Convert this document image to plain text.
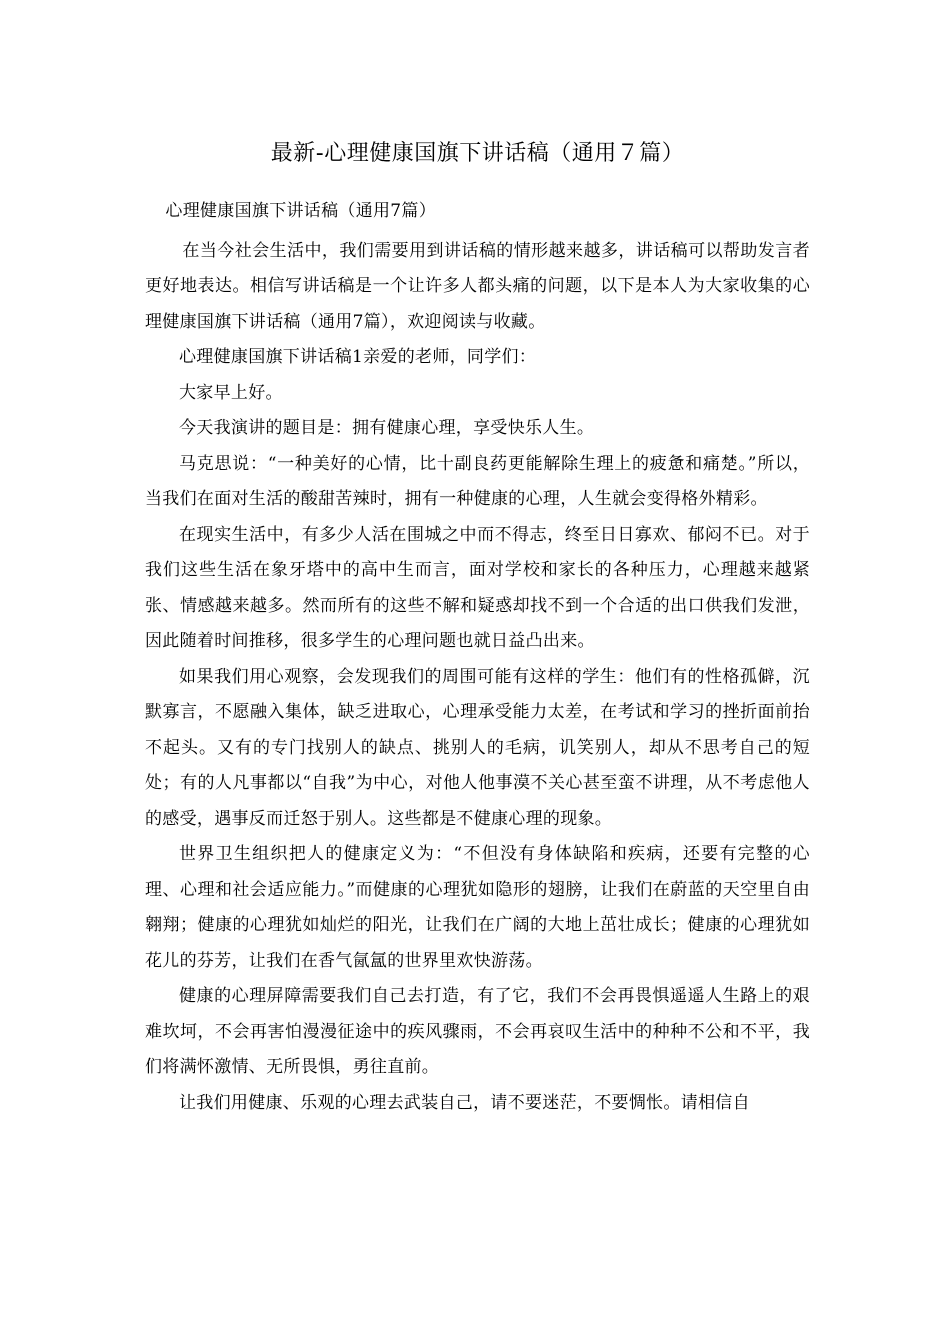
最新-心理健康国旗下讲话稿（通用７篇）

心理健康国旗下讲话稿（通用7篇）

在当今社会生活中，我们需要用到讲话稿的情形越来越多，讲话稿可以帮助发言者更好地表达。相信写讲话稿是一个让许多人都头痛的问题，以下是本人为大家收集的心理健康国旗下讲话稿（通用7篇），欢迎阅读与收藏。

心理健康国旗下讲话稿1亲爱的老师，同学们：

大家早上好。

今天我演讲的题目是：拥有健康心理，享受快乐人生。

马克思说：“一种美好的心情，比十副良药更能解除生理上的疲惫和痛楚。”所以，当我们在面对生活的酸甜苦辣时，拥有一种健康的心理，人生就会变得格外精彩。

在现实生活中，有多少人活在围城之中而不得志，终至日日寡欢、郁闷不已。对于我们这些生活在象牙塔中的高中生而言，面对学校和家长的各种压力，心理越来越紧张、情感越来越多。然而所有的这些不解和疑惑却找不到一个合适的出口供我们发泄，因此随着时间推移，很多学生的心理问题也就日益凸出来。

如果我们用心观察，会发现我们的周围可能有这样的学生：他们有的性格孤僻，沉默寡言，不愿融入集体，缺乏进取心，心理承受能力太差，在考试和学习的挫折面前抬不起头。又有的专门找别人的缺点、挑别人的毛病，讥笑别人，却从不思考自己的短处；有的人凡事都以“自我”为中心，对他人他事漠不关心甚至蛮不讲理，从不考虑他人的感受，遇事反而迁怒于别人。这些都是不健康心理的现象。

世界卫生组织把人的健康定义为：“不但没有身体缺陷和疾病，还要有完整的心理、心理和社会适应能力。”而健康的心理犹如隐形的翅膀，让我们在蔚蓝的天空里自由翱翔；健康的心理犹如灿烂的阳光，让我们在广阔的大地上茁壮成长；健康的心理犹如花儿的芬芳，让我们在香气氤氲的世界里欢快游荡。

健康的心理屏障需要我们自己去打造，有了它，我们不会再畏惧遥遥人生路上的艰难坎坷，不会再害怕漫漫征途中的疾风骤雨，不会再哀叹生活中的种种不公和不平，我们将满怀激情、无所畏惧，勇往直前。

让我们用健康、乐观的心理去武装自己，请不要迷茫，不要惆怅。请相信自
